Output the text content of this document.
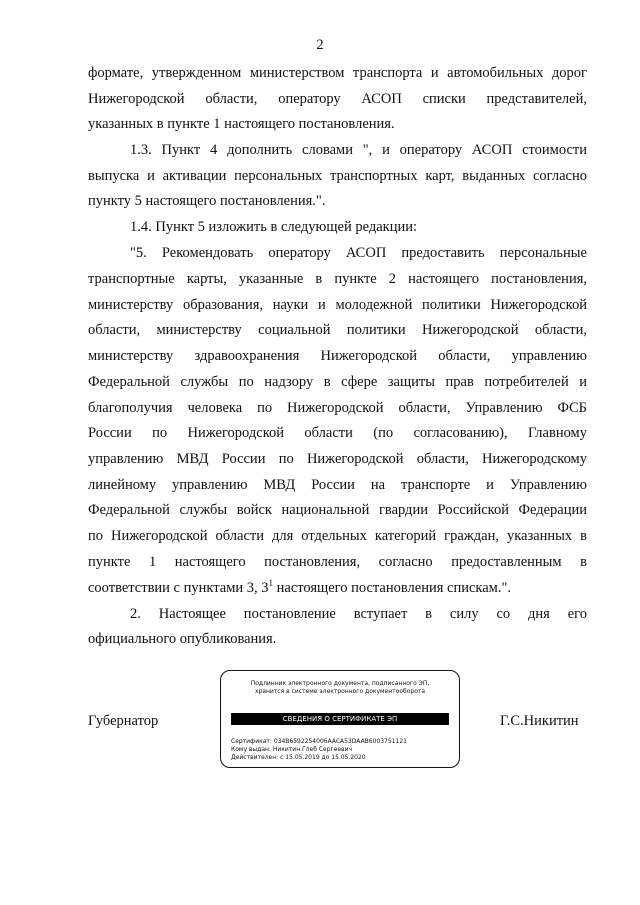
2
формате, утвержденном министерством транспорта и автомобильных дорог
Нижегородской области, оператору АСОП списки представителей,
указанных в пункте 1 настоящего постановления.
1.3. Пункт 4 дополнить словами ", и оператору АСОП стоимости
выпуска и активации персональных транспортных карт, выданных согласно
пункту 5 настоящего постановления.".
1.4. Пункт 5 изложить в следующей редакции:
"5. Рекомендовать оператору АСОП предоставить персональные
транспортные карты, указанные в пункте 2 настоящего постановления,
министерству образования, науки и молодежной политики Нижегородской
области, министерству социальной политики Нижегородской области,
министерству здравоохранения Нижегородской области, управлению
Федеральной службы по надзору в сфере защиты прав потребителей и
благополучия человека по Нижегородской области, Управлению ФСБ
России по Нижегородской области (по согласованию), Главному
управлению МВД России по Нижегородской области, Нижегородскому
линейному управлению МВД России на транспорте и Управлению
Федеральной службы войск национальной гвардии Российской Федерации
по Нижегородской области для отдельных категорий граждан, указанных в
пункте 1 настоящего постановления, согласно предоставленным в
соответствии с пунктами 3, $3^1$ настоящего постановления спискам.".
2. Настоящее постановление вступает в силу со дня его
официального опубликования.
Губернатор	Г.С.Никитин
Подлинник электронного документа, подписанного ЭП,
хранится в системе электронного документооборота
СВЕДЕНИЯ О СЕРТИФИКАТЕ ЭП
Сертификат: 034B6592254006AACA53DAAB6003751121
Кому выдан: Никитин Глеб Сергеевич
Действителен: с 15.05.2019 до 15.05.2020
